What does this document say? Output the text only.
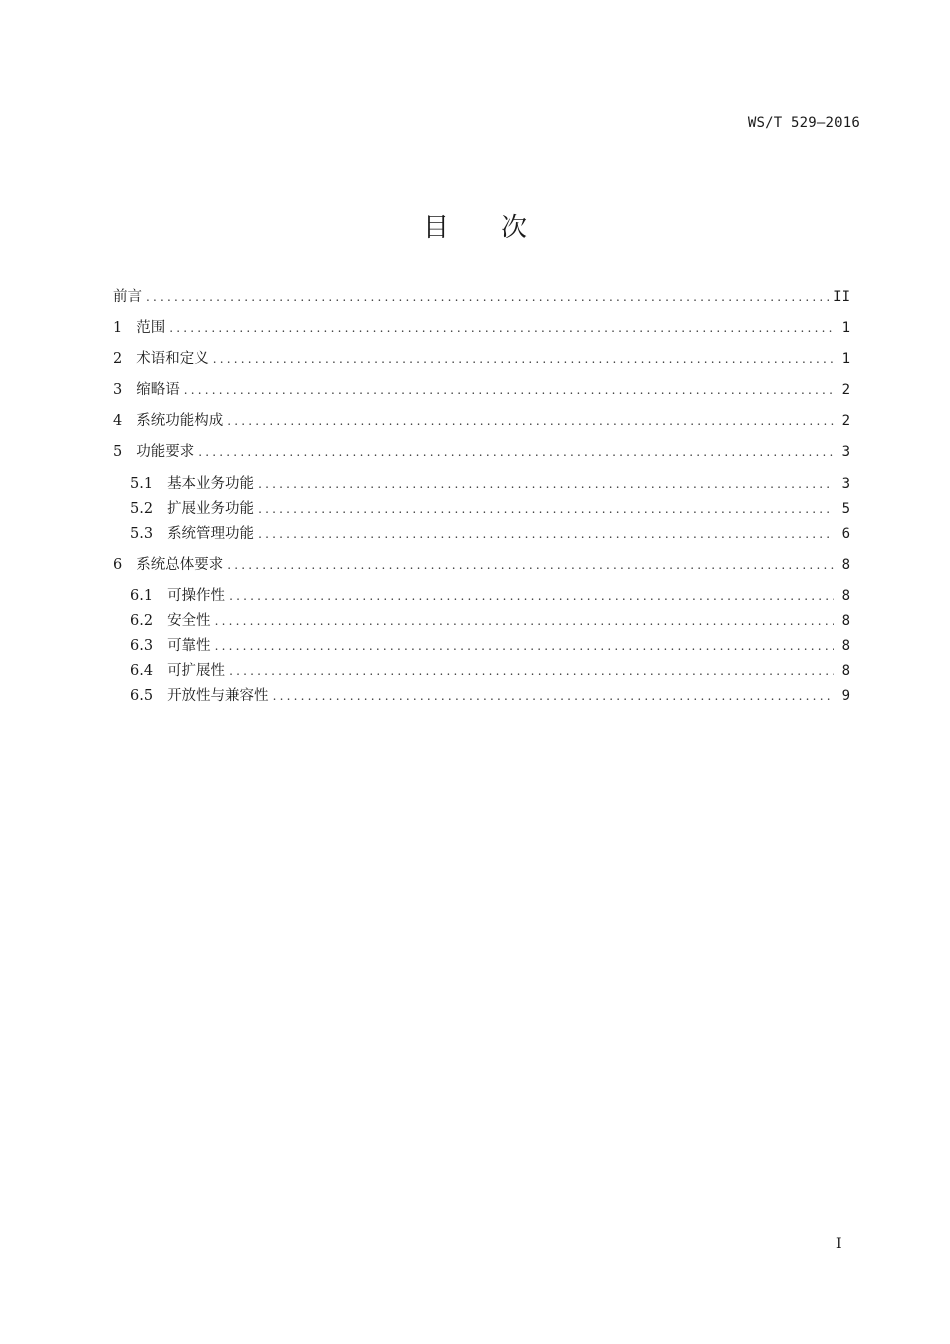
WS/T 529—2016
目 次
前言 .....	II
1 范围 .....	1
2 术语和定义 .....	1
3 缩略语 .....	2
4 系统功能构成 .....	2
5 功能要求 .....	3
5.1 基本业务功能 .....	3
5.2 扩展业务功能 .....	5
5.3 系统管理功能 .....	6
6 系统总体要求 .....	8
6.1 可操作性 .....	8
6.2 安全性 .....	8
6.3 可靠性 .....	8
6.4 可扩展性 .....	8
6.5 开放性与兼容性 .....	9
I
